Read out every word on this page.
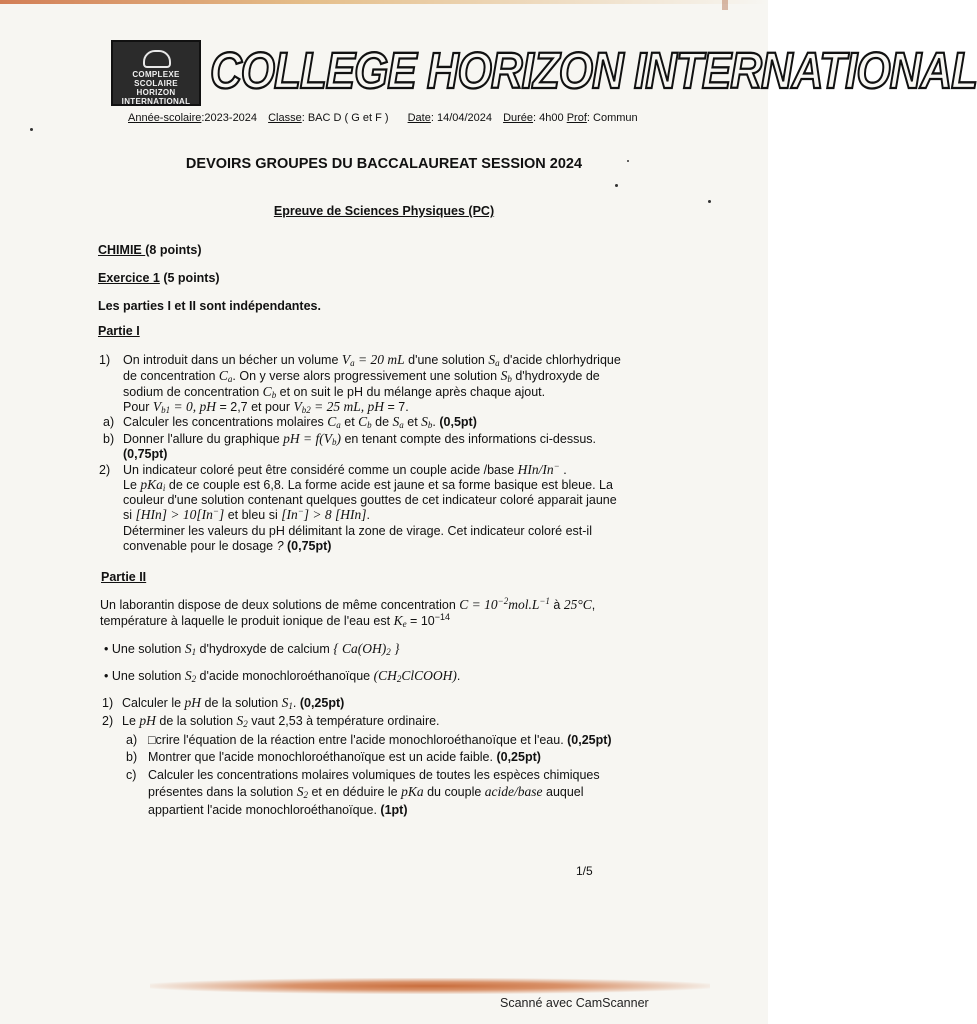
COMPLEXE SCOLAIRE HORIZON INTERNATIONAL
COLLEGE HORIZON INTERNATIONAL
Année-scolaire:2023-2024 Classe: BAC D ( G et F ) Date: 14/04/2024 Durée: 4h00 Prof: Commun
DEVOIRS GROUPES DU BACCALAUREAT SESSION 2024
Epreuve de Sciences Physiques (PC)
CHIMIE (8 points)
Exercice 1 (5 points)
Les parties I et II sont indépendantes.
Partie I
1) On introduit dans un bécher un volume $V_a = 20$ mL d'une solution $S_a$ d'acide chlorhydrique
de concentration $C_a$. On y verse alors progressivement une solution $S_b$ d'hydroxyde de
sodium de concentration $C_b$ et on suit le pH du mélange après chaque ajout.
Pour $V_{b1} = 0$, pH = 2,7 et pour $V_{b2} = 25$ mL, pH = 7.
a) Calculer les concentrations molaires $C_a$ et $C_b$ de $S_a$ et $S_b$. (0,5pt)
b) Donner l'allure du graphique pH = $f(V_b)$ en tenant compte des informations ci-dessus.
(0,75pt)
2) Un indicateur coloré peut être considéré comme un couple acide /base HIn/In− .
Le pKa$_i$ de ce couple est 6,8. La forme acide est jaune et sa forme basique est bleue. La
couleur d'une solution contenant quelques gouttes de cet indicateur coloré apparait jaune
si [HIn] > 10[In−] et bleu si [In−] > 8 [HIn].
Déterminer les valeurs du pH délimitant la zone de virage. Cet indicateur coloré est-il
convenable pour le dosage ? (0,75pt)
Partie II
Un laborantin dispose de deux solutions de même concentration $C = 10^{-2}mol.L^{-1}$ à 25°C,
température à laquelle le produit ionique de l'eau est $K_e = 10^{-14}$
• Une solution $S_1$ d'hydroxyde de calcium { $Ca(OH)_2$ }
• Une solution $S_2$ d'acide monochloroéthanoïque $(CH_2ClCOOH)$.
1) Calculer le pH de la solution $S_1$. (0,25pt)
2) Le pH de la solution $S_2$ vaut 2,53 à température ordinaire.
a) □crire l'équation de la réaction entre l'acide monochloroéthanoïque et l'eau. (0,25pt)
b) Montrer que l'acide monochloroéthanoïque est un acide faible. (0,25pt)
c) Calculer les concentrations molaires volumiques de toutes les espèces chimiques
présentes dans la solution $S_2$ et en déduire le pKa du couple acide/base auquel
appartient l'acide monochloroéthanoïque. (1pt)
1/5
Scanné avec CamScanner
